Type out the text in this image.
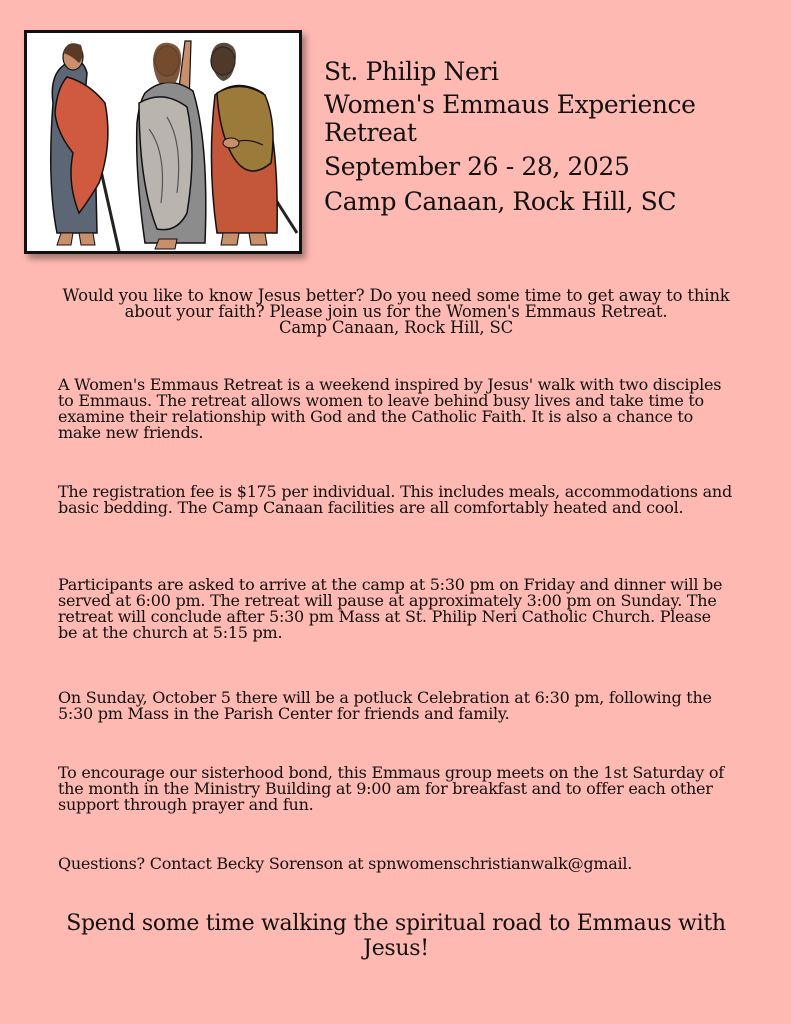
St. Philip Neri
Women's Emmaus Experience Retreat
September 26 - 28, 2025
Camp Canaan, Rock Hill, SC
Would you like to know Jesus better? Do you need some time to get away to think about your faith? Please join us for the Women's Emmaus Retreat.
Camp Canaan, Rock Hill, SC
A Women's Emmaus Retreat is a weekend inspired by Jesus' walk with two disciples to Emmaus. The retreat allows women to leave behind busy lives and take time to examine their relationship with God and the Catholic Faith. It is also a chance to make new friends.
The registration fee is $175 per individual. This includes meals, accommodations and basic bedding. The Camp Canaan facilities are all comfortably heated and cool.
Participants are asked to arrive at the camp at 5:30 pm on Friday and dinner will be served at 6:00 pm. The retreat will pause at approximately 3:00 pm on Sunday. The retreat will conclude after 5:30 pm Mass at St. Philip Neri Catholic Church. Please be at the church at 5:15 pm.
On Sunday, October 5 there will be a potluck Celebration at 6:30 pm, following the 5:30 pm Mass in the Parish Center for friends and family.
To encourage our sisterhood bond, this Emmaus group meets on the 1st Saturday of the month in the Ministry Building at 9:00 am for breakfast and to offer each other support through prayer and fun.
Questions? Contact Becky Sorenson at spnwomenschristianwalk@gmail.
Spend some time walking the spiritual road to Emmaus with Jesus!
